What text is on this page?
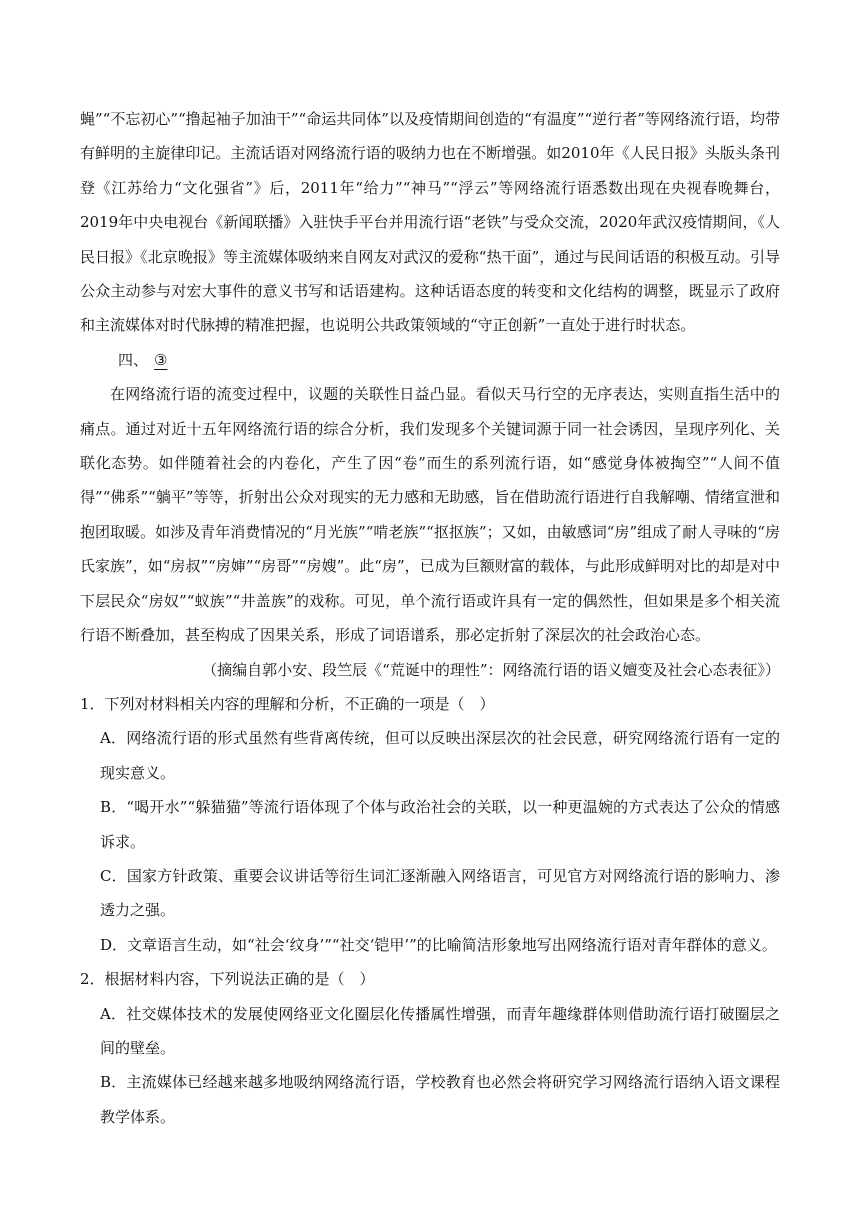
蝇”“不忘初心”“撸起袖子加油干”“命运共同体”以及疫情期间创造的“有温度”“逆行者”等网络流行语，均带有鲜明的主旋律印记。主流话语对网络流行语的吸纳力也在不断增强。如2010年《人民日报》头版头条刊登《江苏给力“文化强省”》后，2011年“给力”“神马”“浮云”等网络流行语悉数出现在央视春晚舞台，2019年中央电视台《新闻联播》入驻快手平台并用流行语“老铁”与受众交流，2020年武汉疫情期间，《人民日报》《北京晚报》等主流媒体吸纳来自网友对武汉的爱称“热干面”，通过与民间话语的积极互动。引导公众主动参与对宏大事件的意义书写和话语建构。这种话语态度的转变和文化结构的调整，既显示了政府和主流媒体对时代脉搏的精准把握，也说明公共政策领域的“守正创新”一直处于进行时状态。

四、 ③

在网络流行语的流变过程中，议题的关联性日益凸显。看似天马行空的无序表达，实则直指生活中的痛点。通过对近十五年网络流行语的综合分析，我们发现多个关键词源于同一社会诱因，呈现序列化、关联化态势。如伴随着社会的内卷化，产生了因“卷”而生的系列流行语，如“感觉身体被掏空”“人间不值得”“佛系”“躺平”等等，折射出公众对现实的无力感和无助感，旨在借助流行语进行自我解嘲、情绪宣泄和抱团取暖。如涉及青年消费情况的“月光族”“啃老族”“抠抠族”；又如，由敏感词“房”组成了耐人寻味的“房氏家族”，如“房叔”“房婶”“房哥”“房嫂”。此“房”，已成为巨额财富的载体，与此形成鲜明对比的却是对中下层民众“房奴”“蚁族”“井盖族”的戏称。可见，单个流行语或许具有一定的偶然性，但如果是多个相关流行语不断叠加，甚至构成了因果关系，形成了词语谱系，那必定折射了深层次的社会政治心态。

（摘编自郭小安、段竺辰《“荒诞中的理性”：网络流行语的语义嬗变及社会心态表征》）

1．下列对材料相关内容的理解和分析，不正确的一项是（　）

A．网络流行语的形式虽然有些背离传统，但可以反映出深层次的社会民意，研究网络流行语有一定的现实意义。

B．“喝开水”“躲猫猫”等流行语体现了个体与政治社会的关联，以一种更温婉的方式表达了公众的情感诉求。

C．国家方针政策、重要会议讲话等衍生词汇逐渐融入网络语言，可见官方对网络流行语的影响力、渗透力之强。

D．文章语言生动，如“社会‘纹身’”“社交‘铠甲’”的比喻简洁形象地写出网络流行语对青年群体的意义。

2．根据材料内容，下列说法正确的是（　）

A．社交媒体技术的发展使网络亚文化圈层化传播属性增强，而青年趣缘群体则借助流行语打破圈层之间的壁垒。

B．主流媒体已经越来越多地吸纳网络流行语，学校教育也必然会将研究学习网络流行语纳入语文课程教学体系。
